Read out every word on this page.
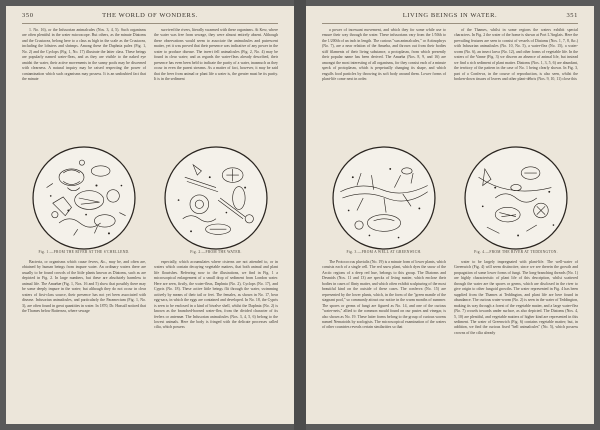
350	THE WORLD OF WONDERS.

1. No. 16), or the Infusorian animalcules (Nos. 3, 4, 5). Such organisms are often plentiful in the water microscope. But others, as the minute Diatoms and the Crustacea, belong here to a class as high in the scale as the Crustacea, including the lobsters and shrimps. Among these the Daphnia pulex (Fig. 1, No. 2) and the Cyclops (Fig. 1, No. 17) illustrate the latter class. These beings are popularly named water-fleas, and as they are visible to the naked eye amidst the water, their active movements in the sunny pools may be discerned with clearness. A natural inquiry may be raised respecting the power of contamination which such organisms may possess. It is an undoubted fact that the minute

survived the rivers, literally swarmed with these organisms. At Kew, where the water was free from sewage, they were almost entirely absent. Although these observations would seem to associate the animalcules and putrescent matter, yet it was proved that their presence was indicative of any power in the water to produce disease. The invert fell animalcules (Fig. 2, No. 4) may be found in clear water; and as regards the water-fleas already described, their presence has even been held to indicate the purity of a water, inasmuch as they occur in even the purest streams. As a matter of fact, however, it may be said that the freer from animal or plant life a water is, the greater must be its purity. It is in the sediment

Fig. 1.—FROM THE RIVER AT THE S'CHELLEND.	Fig. 2.—FROM THE WATER.

Bacteria, or organisms which cause fevers, &c., may be, and often are, obtained by human beings from impure water. An ordinary waters there are usually to be found crowds of the little plants known as Diatoms, such as are depicted in Fig. 2. In large numbers, but these are absolutely harmless to animal life. The Amœbæ (Fig. 1, Nos. 16 and 5) show that possibly there may be some deeply impure in the water; but although they do not occur in clear waters of first-class source, their presence has not yet been associated with disease. Infusorian animalcules, and particularly the Paramecium (Fig. 1, No. 3), are often found in great quantities in water. In 1870, Dr. Hassall noticed that the Thames below Battersea, where sewage

especially, which accumulates where cisterns are not attended to, or in waters which contain decaying vegetable matters, that both animal and plant life flourishes. Referring now to the illustrations, we find in Fig. 1 a microscopical enlargement of a small drop of sediment from London water. Here are seen, firstly, the water-fleas, Daphnia (No. 2), Cyclops (No. 17), and Cypris (No. 18). These active little beings flit through the water, swimming actively by means of their tail or feet. The females, as shown in No. 17, bear egg-sacs, in which the eggs are contained and developed. In No. 18, the Cypris is seen to be enclosed in a kind of bivalve shell, whilst the Daphnia (No. 2) is known as the branched-horned water-flea, from the divided character of its feelers or antennæ. The Infusorian animalcules (Nos. 3, 4, 5, 6) belong to the lowest animals. Here the body is fringed with the delicate processes called cilia, which possess

LIVING BEINGS IN WATER.	351

a power of incessant movement, and which they for some while use to ensure their way through the water. These infusorians vary from the 1/50th to the 1/200th of an inch in length. The curious "sun animalcules," or Actinophrys (No. 7), are a near relation of the Amœba, and thrown out from their bodies stiff filaments of their living substance, a protoplasm, from which presently their popular name has been derived. The Amœba (Nos. 8, 9, and 16) are amongst the most interesting of all organisms, for they consist each of a minute speck of protoplasm, which is perpetually changing its shape, and which engulfs food particles by throwing its soft body around them. Lower forms of plant-life come next in order.

of the Thames, whilst in some regions the waters exhibit special characters. In Fig. 2 the water of the home is shown at Port L'Anglais. Here the prevailing features are seen to consist of vessels of Diatoms (Nos. 1, 7, 8, &c.) with Infusorian animalcules (No. 10, No. 5), a water-flea (No. 15), a water-worm (No. 6), an insect larva (No. 12), and other forms of vegetable life. In the waters of the Vanne (Fig. 3) we discern an absence of animal life, but instead we find a rich sediment of plant matter. Diatoms (Nos. 1, 3, 5, 6) are abundant, the territory of the pattern in the case of No. 1 being clearly shown. In Fig. 3, part of a Conferva, in the course of reproduction, is also seen, whilst the broken-down tissues of leaves and other plant-débris (Nos. 9, 10, 11) close this

Fig. 3.—FROM A WELL AT GREENWICH.	Fig. 4.—FROM THE RIVER AT TEDDINGTON.

The Protococcus pluvialis (No. 19) is a minute form of lower plants, which consists each of a single cell. The red snow plant, which dyes the snow of the Arctic regions of a deep red hue, belongs to this group. The Diatoms and Desmids (Nos. 11 and 13) are specks of living matter, which enclose their bodies in cases of flinty matter, and which often exhibit sculpturing of the most beautiful kind on the outside of these cases. The conferva (No. 15) are represented by the lower plants, which, in the form of the "green mantle of the stagnant pool," so commonly attract our notice in the warm months of summer. The spores or germs of fungi are figured as No. 14, and one of the curious "water-nets," allied to the common mould found on our pastes and vinegar, is also shown as No. 19. These latter forms belong to the group of curious worms named Nematoids by zoologists. The microscopical examination of the waters of other countries reveals certain similarities so that

water to be largely impregnated with plant-life. The well-water of Greenwich (Fig. 4) will seem distinctive, since we see therein the growth and propagation of some lower forms of fungi. The long-branching threads (No. 1) are highly characteristic of plant life of this description, whilst scattered through the water are the spores or germs, which are disclosed in the river to give origin to other fungoid growths. The water represented in Fig. 4 has been supplied from the Thames at Teddington, and plant life are here found in abundance. The curious water-worm (No. 2) is seen in the water of Teddington, making its way through a forest of the vegetable matter, and a large water-flea (No. 7) crowds towards under surface, as also depicted. The Diatoms (Nos. 4, 5, 10) are plentiful, and vegetable matters of higher kind are represented in this sediment. The water of Greenwich (Fig. 6) contains vegetable matter; but, in addition, we find the curious fixed "bell animalcules" (No. 5), which possess crowns of the cilia already
